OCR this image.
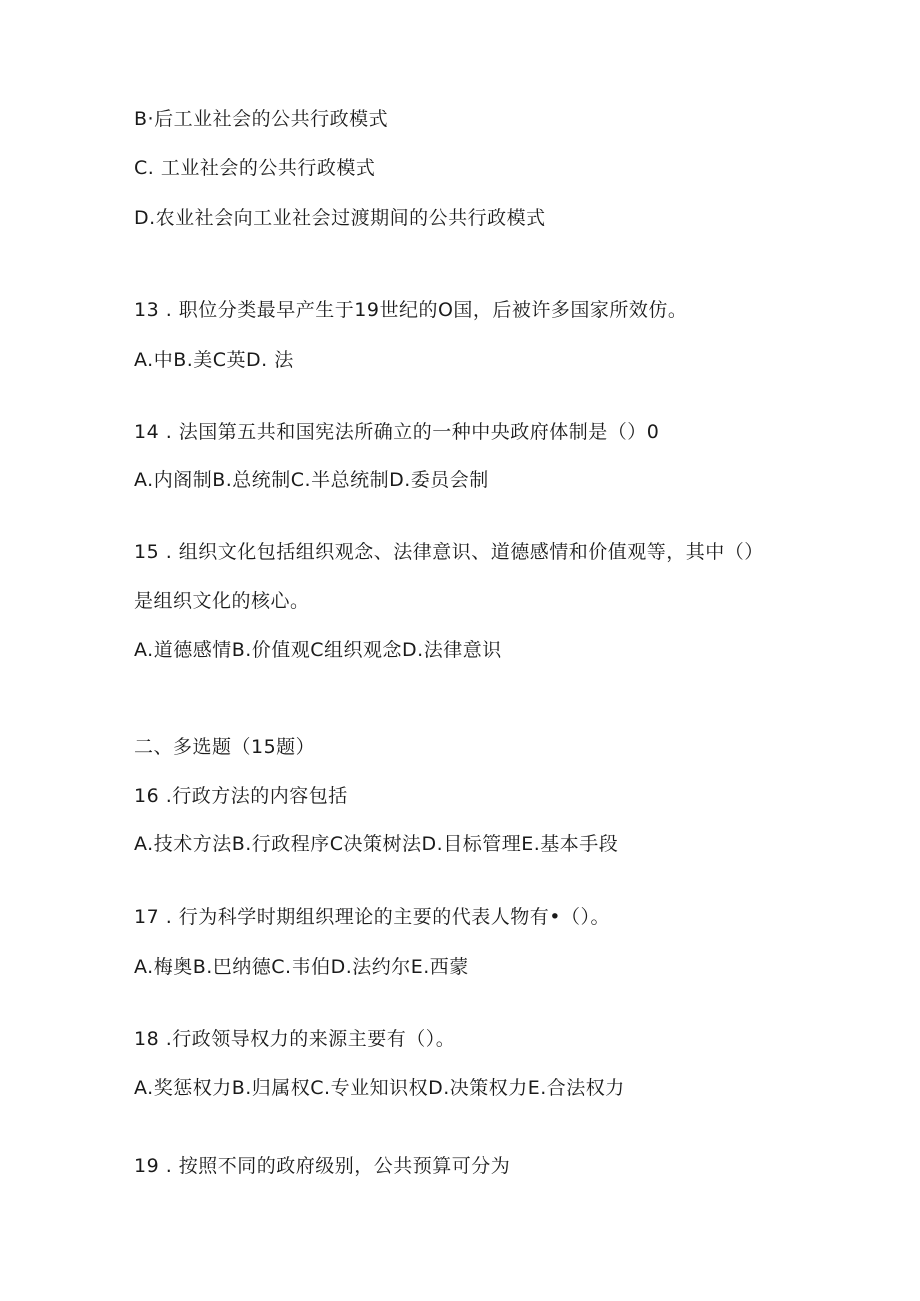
B·后工业社会的公共行政模式
C. 工业社会的公共行政模式
D.农业社会向工业社会过渡期间的公共行政模式
13 . 职位分类最早产生于19世纪的O国，后被许多国家所效仿。
A.中B.美C英D. 法
14 . 法国第五共和国宪法所确立的一种中央政府体制是（）0
A.内阁制B.总统制C.半总统制D.委员会制
15 . 组织文化包括组织观念、法律意识、道德感情和价值观等，其中（）
是组织文化的核心。
A.道德感情B.价值观C组织观念D.法律意识
二、多选题（15题）
16 .行政方法的内容包括
A.技术方法B.行政程序C决策树法D.目标管理E.基本手段
17 . 行为科学时期组织理论的主要的代表人物有•（）。
A.梅奥B.巴纳德C.韦伯D.法约尔E.西蒙
18 .行政领导权力的来源主要有（）。
A.奖惩权力B.归属权C.专业知识权D.决策权力E.合法权力
19 . 按照不同的政府级别，公共预算可分为
